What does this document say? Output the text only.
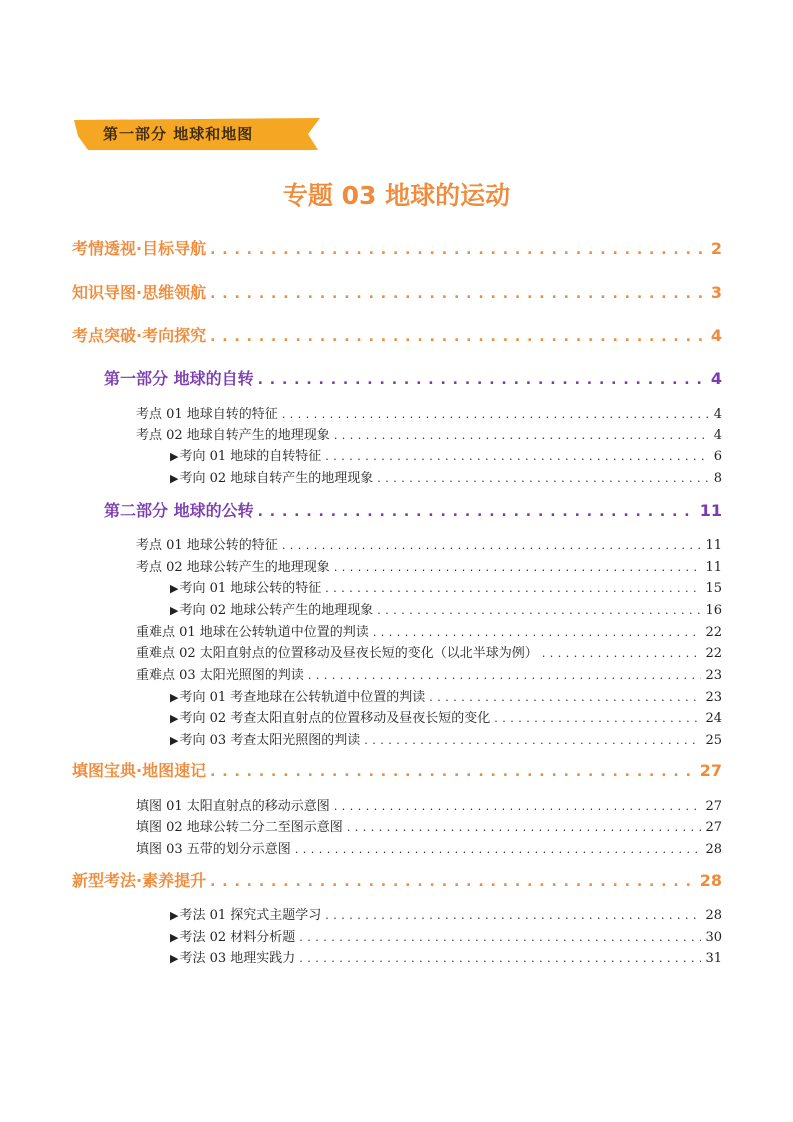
第一部分 地球和地图
专题 03 地球的运动
考情透视·目标导航 . . .	2
知识导图·思维领航 . . .	3
考点突破·考向探究 . . .	4
第一部分 地球的自转 . . .	4
考点 01 地球自转的特征 . . .	4
考点 02 地球自转产生的地理现象 . . .	4
▶考向 01 地球的自转特征 . . .	6
▶考向 02 地球自转产生的地理现象 . . .	8
第二部分 地球的公转 . . .	11
考点 01 地球公转的特征 . . .	11
考点 02 地球公转产生的地理现象 . . .	11
▶考向 01 地球公转的特征 . . .	15
▶考向 02 地球公转产生的地理现象 . . .	16
重难点 01 地球在公转轨道中位置的判读 . . .	22
重难点 02 太阳直射点的位置移动及昼夜长短的变化（以北半球为例） . . .	22
重难点 03 太阳光照图的判读 . . .	23
▶考向 01 考查地球在公转轨道中位置的判读 . . .	23
▶考向 02 考查太阳直射点的位置移动及昼夜长短的变化 . . .	24
▶考向 03 考查太阳光照图的判读 . . .	25
填图宝典·地图速记 . . .	27
填图 01 太阳直射点的移动示意图 . . .	27
填图 02 地球公转二分二至图示意图 . . .	27
填图 03 五带的划分示意图 . . .	28
新型考法·素养提升 . . .	28
▶考法 01 探究式主题学习 . . .	28
▶考法 02 材料分析题 . . .	30
▶考法 03 地理实践力 . . .	31
